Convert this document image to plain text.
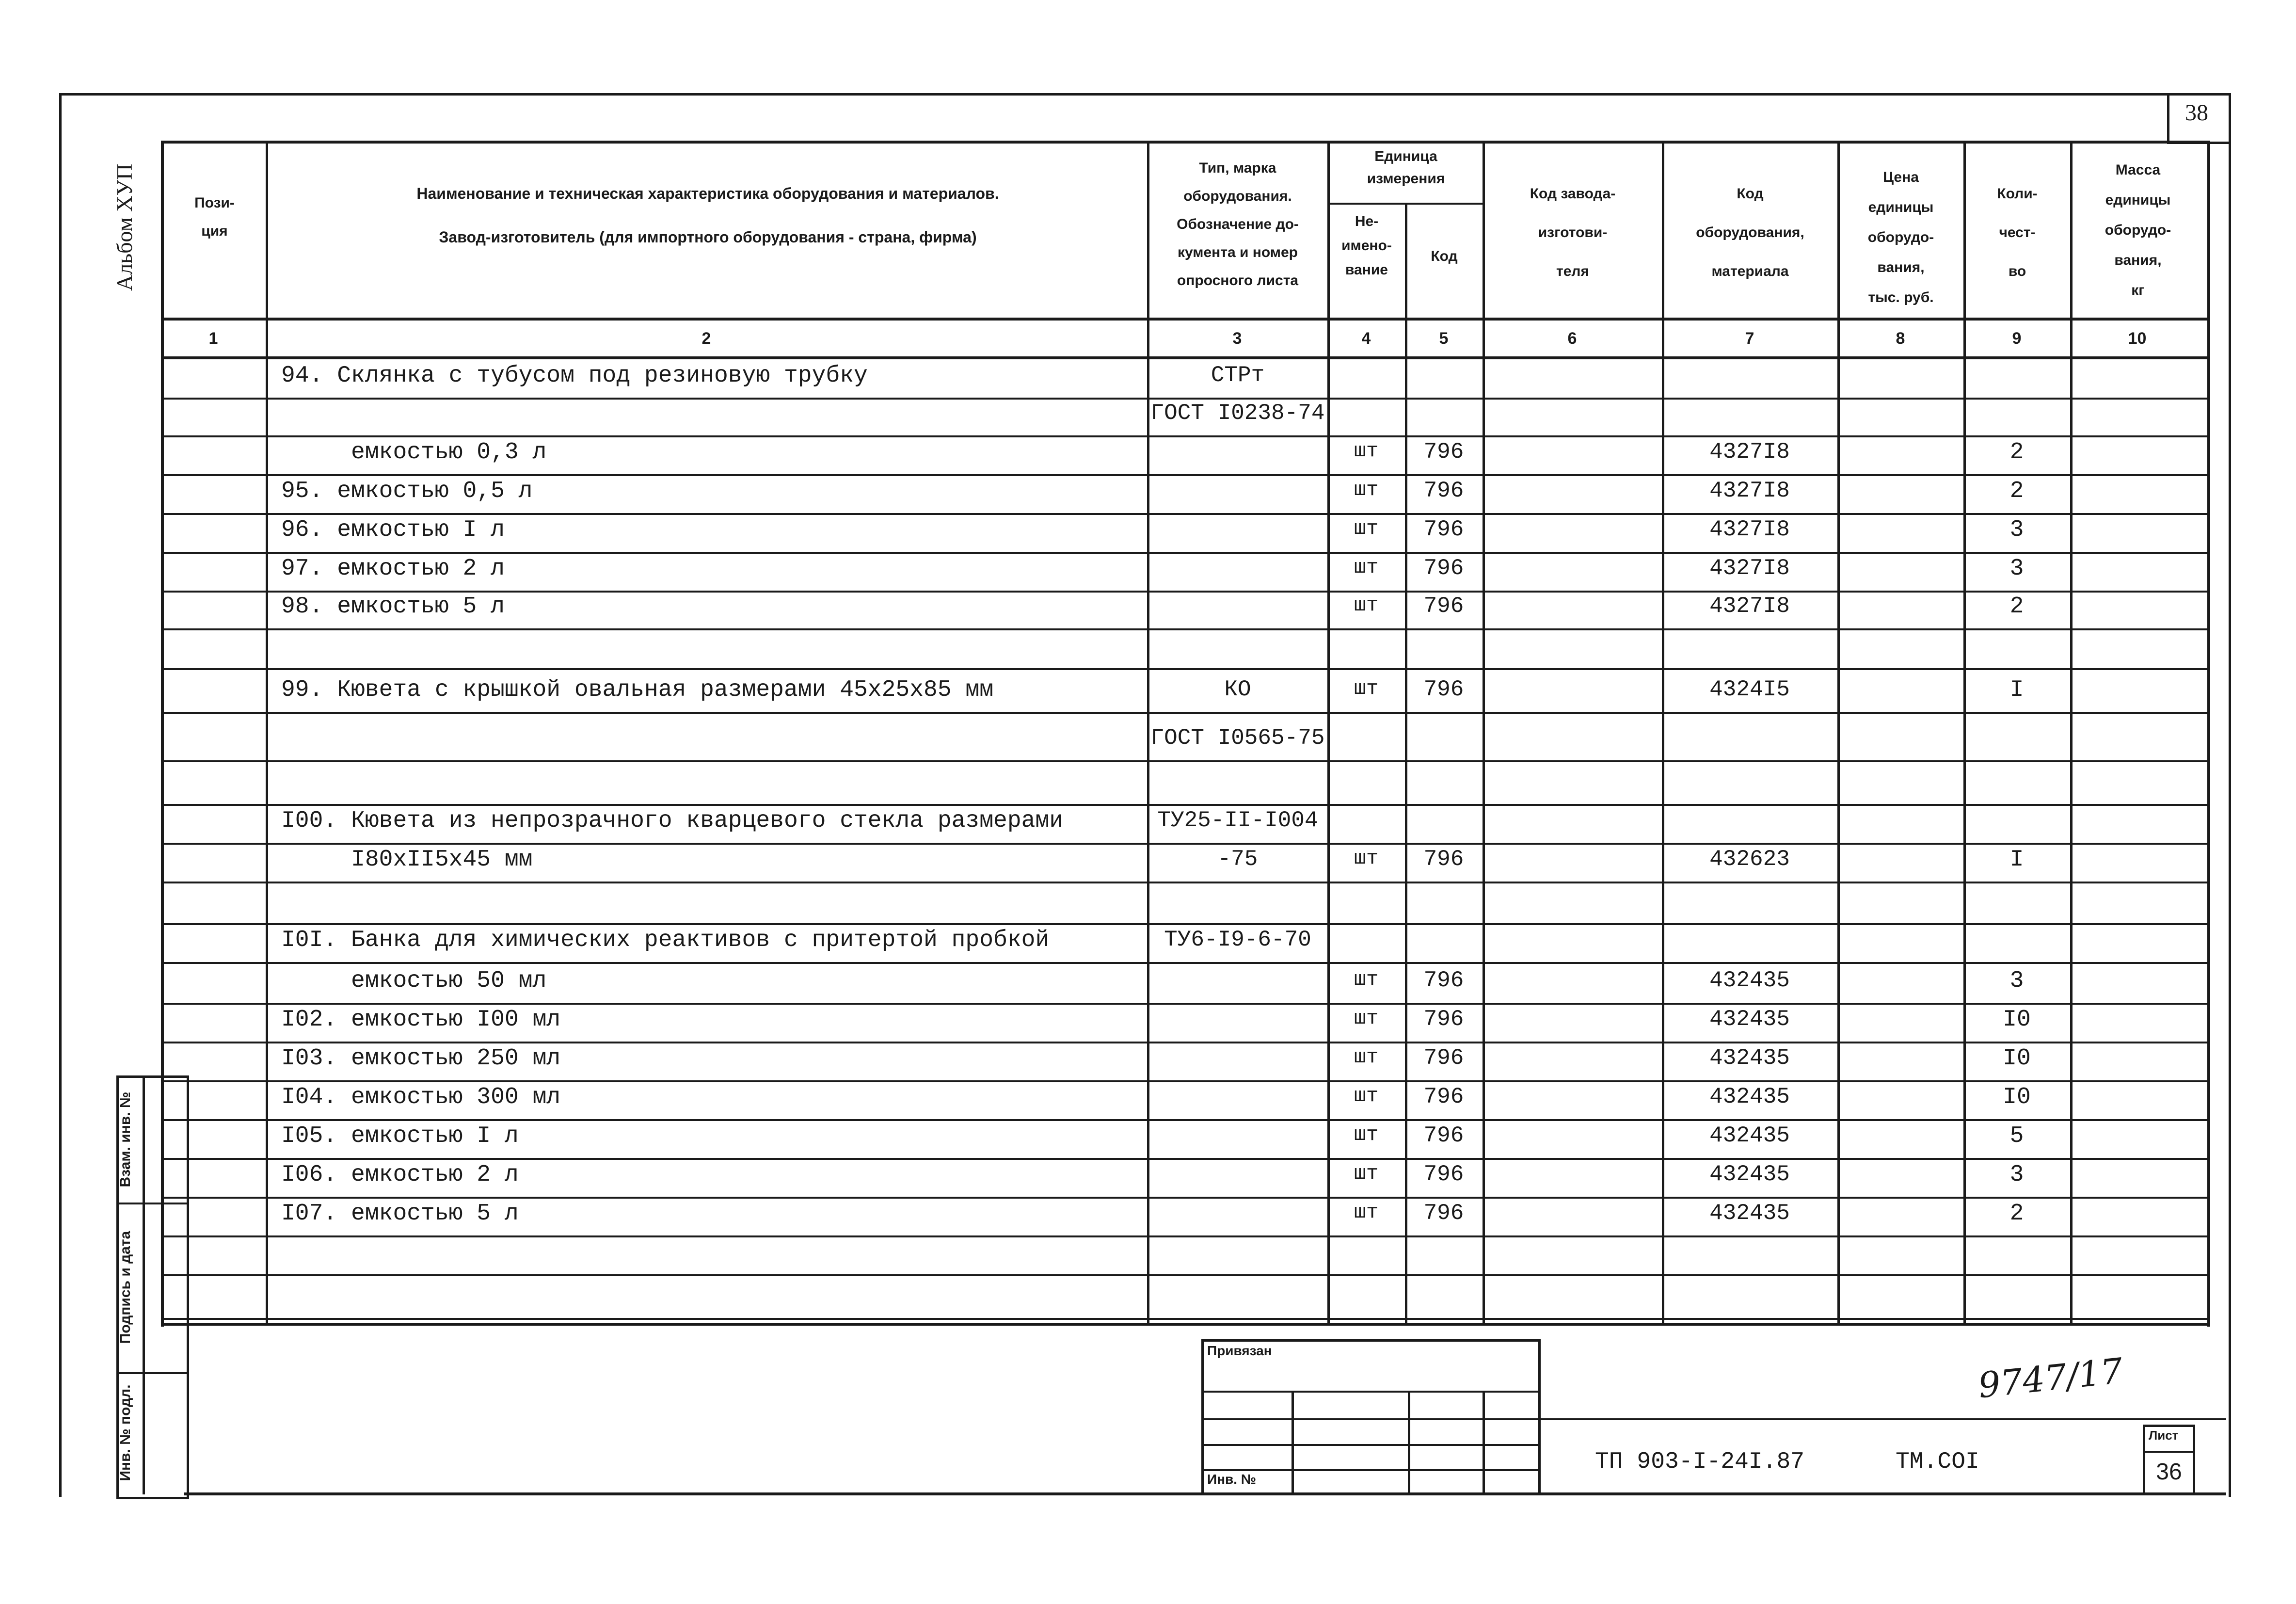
38
Альбом ХУП	Пози-
ция
Наименование и техническая характеристика оборудования и материалов.
Завод-изготовитель (для импортного оборудования - страна, фирма)
Тип, марка
оборудования.
Обозначение до-
кумента и номер
опросного листа
Единица
измерения
Не-
имено-
вание
Код
Код заводa-
изготови-
теля
Код
оборудования,
материала
Цена
единицы
оборудо-
вания,
тыс. руб.
Коли-
чест-
во
Масса
единицы
оборудо-
вания,
кг
1	2	3	4	5	6	7	8	9	10
94. Склянка с тубусом под резиновую трубку	СТРт
ГОСТ I0238-74
емкостью 0,3 л	шт	796	4327I8	2
95. емкостью 0,5 л	шт	796	4327I8	2
96. емкостью I л	шт	796	4327I8	3
97. емкостью 2 л	шт	796	4327I8	3
98. емкостью 5 л	шт	796	4327I8	2
99. Кювета с крышкой овальная размерами 45x25x85 мм	КО	шт	796	4324I5	I
ГОСТ I0565-75
I00. Кювета из непрозрачного кварцевого стекла размерами	ТУ25-II-I004
I80xII5x45 мм	-75	шт	796	432623	I
I0I. Банка для химических реактивов с притертой пробкой	ТУ6-I9-6-70
емкостью 50 мл	шт	796	432435	3
I02. емкостью I00 мл	шт	796	432435	I0
I03. емкостью 250 мл	шт	796	432435	I0
I04. емкостью 300 мл	шт	796	432435	I0
I05. емкостью I л	шт	796	432435	5
I06. емкостью 2 л	шт	796	432435	3
I07. емкостью 5 л	шт	796	432435	2
Взам. инв. №
Подпись и дата
Инв. № подл.
Привязан
Инв. №
9747/17
ТП 903-I-24I.87	ТМ.СОI
Лист
36
